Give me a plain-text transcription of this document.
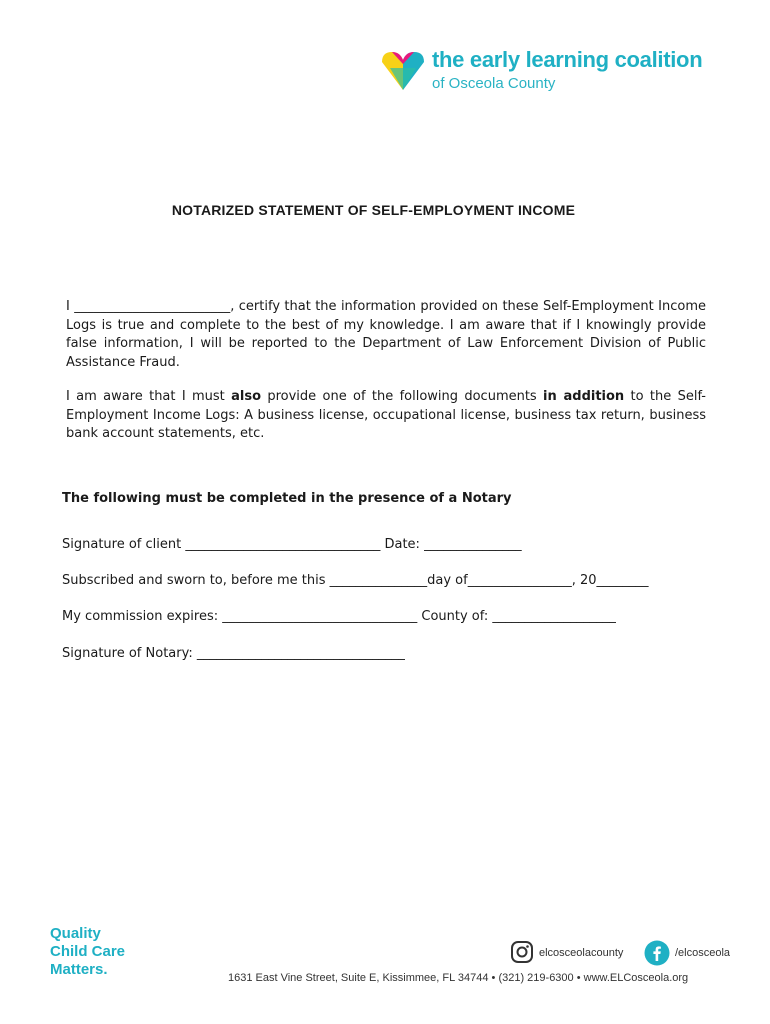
the early learning coalition
of Osceola County
NOTARIZED STATEMENT OF SELF-EMPLOYMENT INCOME

I ________________________, certify that the information provided on these Self-Employment Income Logs is true and complete to the best of my knowledge. I am aware that if I knowingly provide false information, I will be reported to the Department of Law Enforcement Division of Public Assistance Fraud.

I am aware that I must also provide one of the following documents in addition to the Self-Employment Income Logs: A business license, occupational license, business tax return, business bank account statements, etc.

The following must be completed in the presence of a Notary
Signature of client ______________________________ Date: _______________
Subscribed and sworn to, before me this _______________day of________________, 20________
My commission expires: ______________________________ County of: ___________________
Signature of Notary: ________________________________
Quality
Child Care
Matters.
elcosceolacounty	/elcosceola
1631 East Vine Street, Suite E, Kissimmee, FL 34744 • (321) 219-6300 • www.ELCosceola.org
